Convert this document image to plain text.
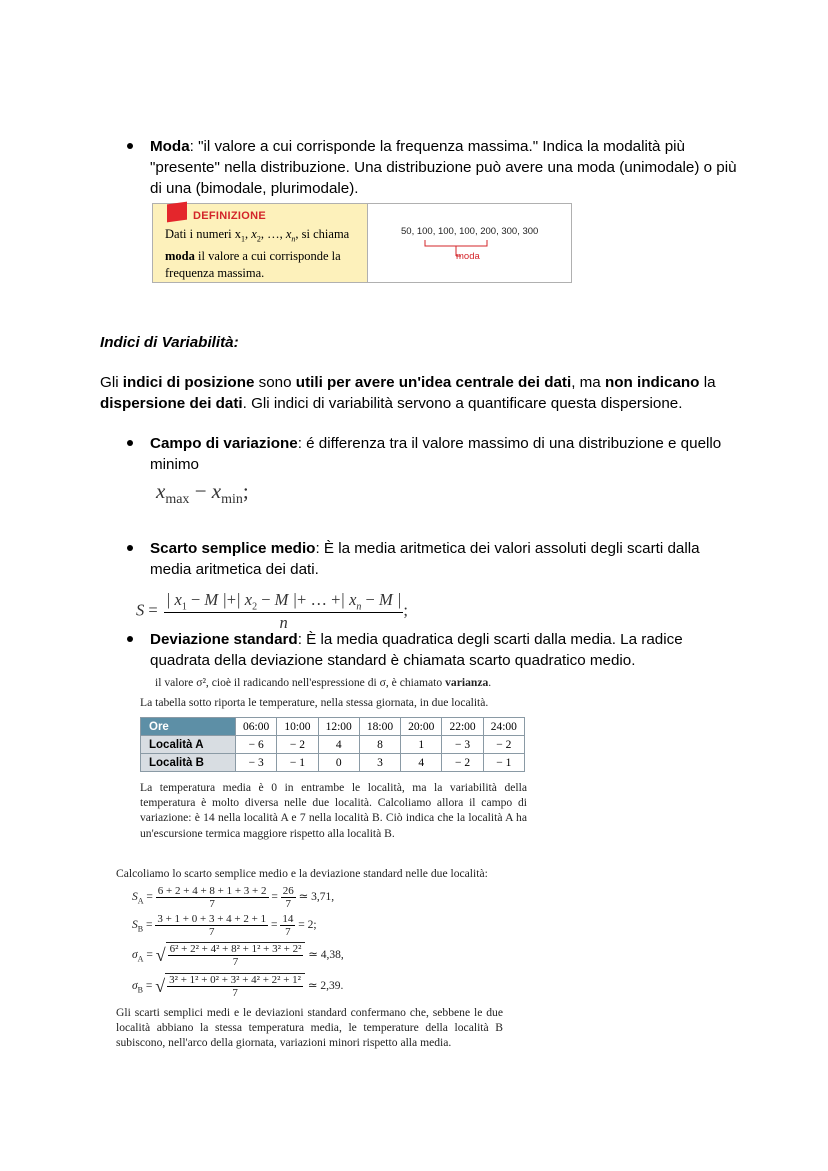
Moda: "il valore a cui corrisponde la frequenza massima." Indica la modalità più "presente" nella distribuzione. Una distribuzione può avere una moda (unimodale) o più di una (bimodale, plurimodale).
DEFINIZIONE
Dati i numeri $x_1$, $x_2$, …, $x_n$, si chiama moda il valore a cui corrisponde la frequenza massima.
50, 100, 100, 100, 200, 300, 300
moda
Indici di Variabilità:
Gli indici di posizione sono utili per avere un'idea centrale dei dati, ma non indicano la dispersione dei dati. Gli indici di variabilità servono a quantificare questa dispersione.
Campo di variazione: é differenza tra il valore massimo di una distribuzione e quello minimo
$x_{max} - x_{min}$;
Scarto semplice medio: È la media aritmetica dei valori assoluti degli scarti dalla media aritmetica dei dati.
$S = \frac{| x_1 - M |+| x_2 - M |+ \dots +| x_n - M |}{n}$ ;
Deviazione standard: È la media quadratica degli scarti dalla media. La radice quadrata della deviazione standard è chiamata scarto quadratico medio.
il valore σ², cioè il radicando nell'espressione di σ, è chiamato varianza.
La tabella sotto riporta le temperature, nella stessa giornata, in due località.
Ore	06:00	10:00	12:00	18:00	20:00	22:00	24:00
Località A	− 6	− 2	4	8	1	− 3	− 2
Località B	− 3	− 1	0	3	4	− 2	− 1
La temperatura media è 0 in entrambe le località, ma la variabilità della temperatura è molto diversa nelle due località. Calcoliamo allora il campo di variazione: è 14 nella località A e 7 nella località B. Ciò indica che la località A ha un'escursione termica maggiore rispetto alla località B.
Calcoliamo lo scarto semplice medio e la deviazione standard nelle due località:
$S_A = \frac{6 + 2 + 4 + 8 + 1 + 3 + 2}{7} = \frac{26}{7}$ ≃ 3,71,
$S_B = \frac{3 + 1 + 0 + 3 + 4 + 2 + 1}{7} = \frac{14}{7} = 2$;
$\sigma_A$ = √ $\frac{\text{6² + 2² + 4² + 8² + 1² + 3² + 2²}}{7}$ ≃ 4,38,
$\sigma_B$ = √ $\frac{\text{3² + 1² + 0² + 3² + 4² + 2² + 1²}}{7}$ ≃ 2,39.
Gli scarti semplici medi e le deviazioni standard confermano che, sebbene le due località abbiano la stessa temperatura media, le temperature della località B subiscono, nell'arco della giornata, variazioni minori rispetto alla media.
